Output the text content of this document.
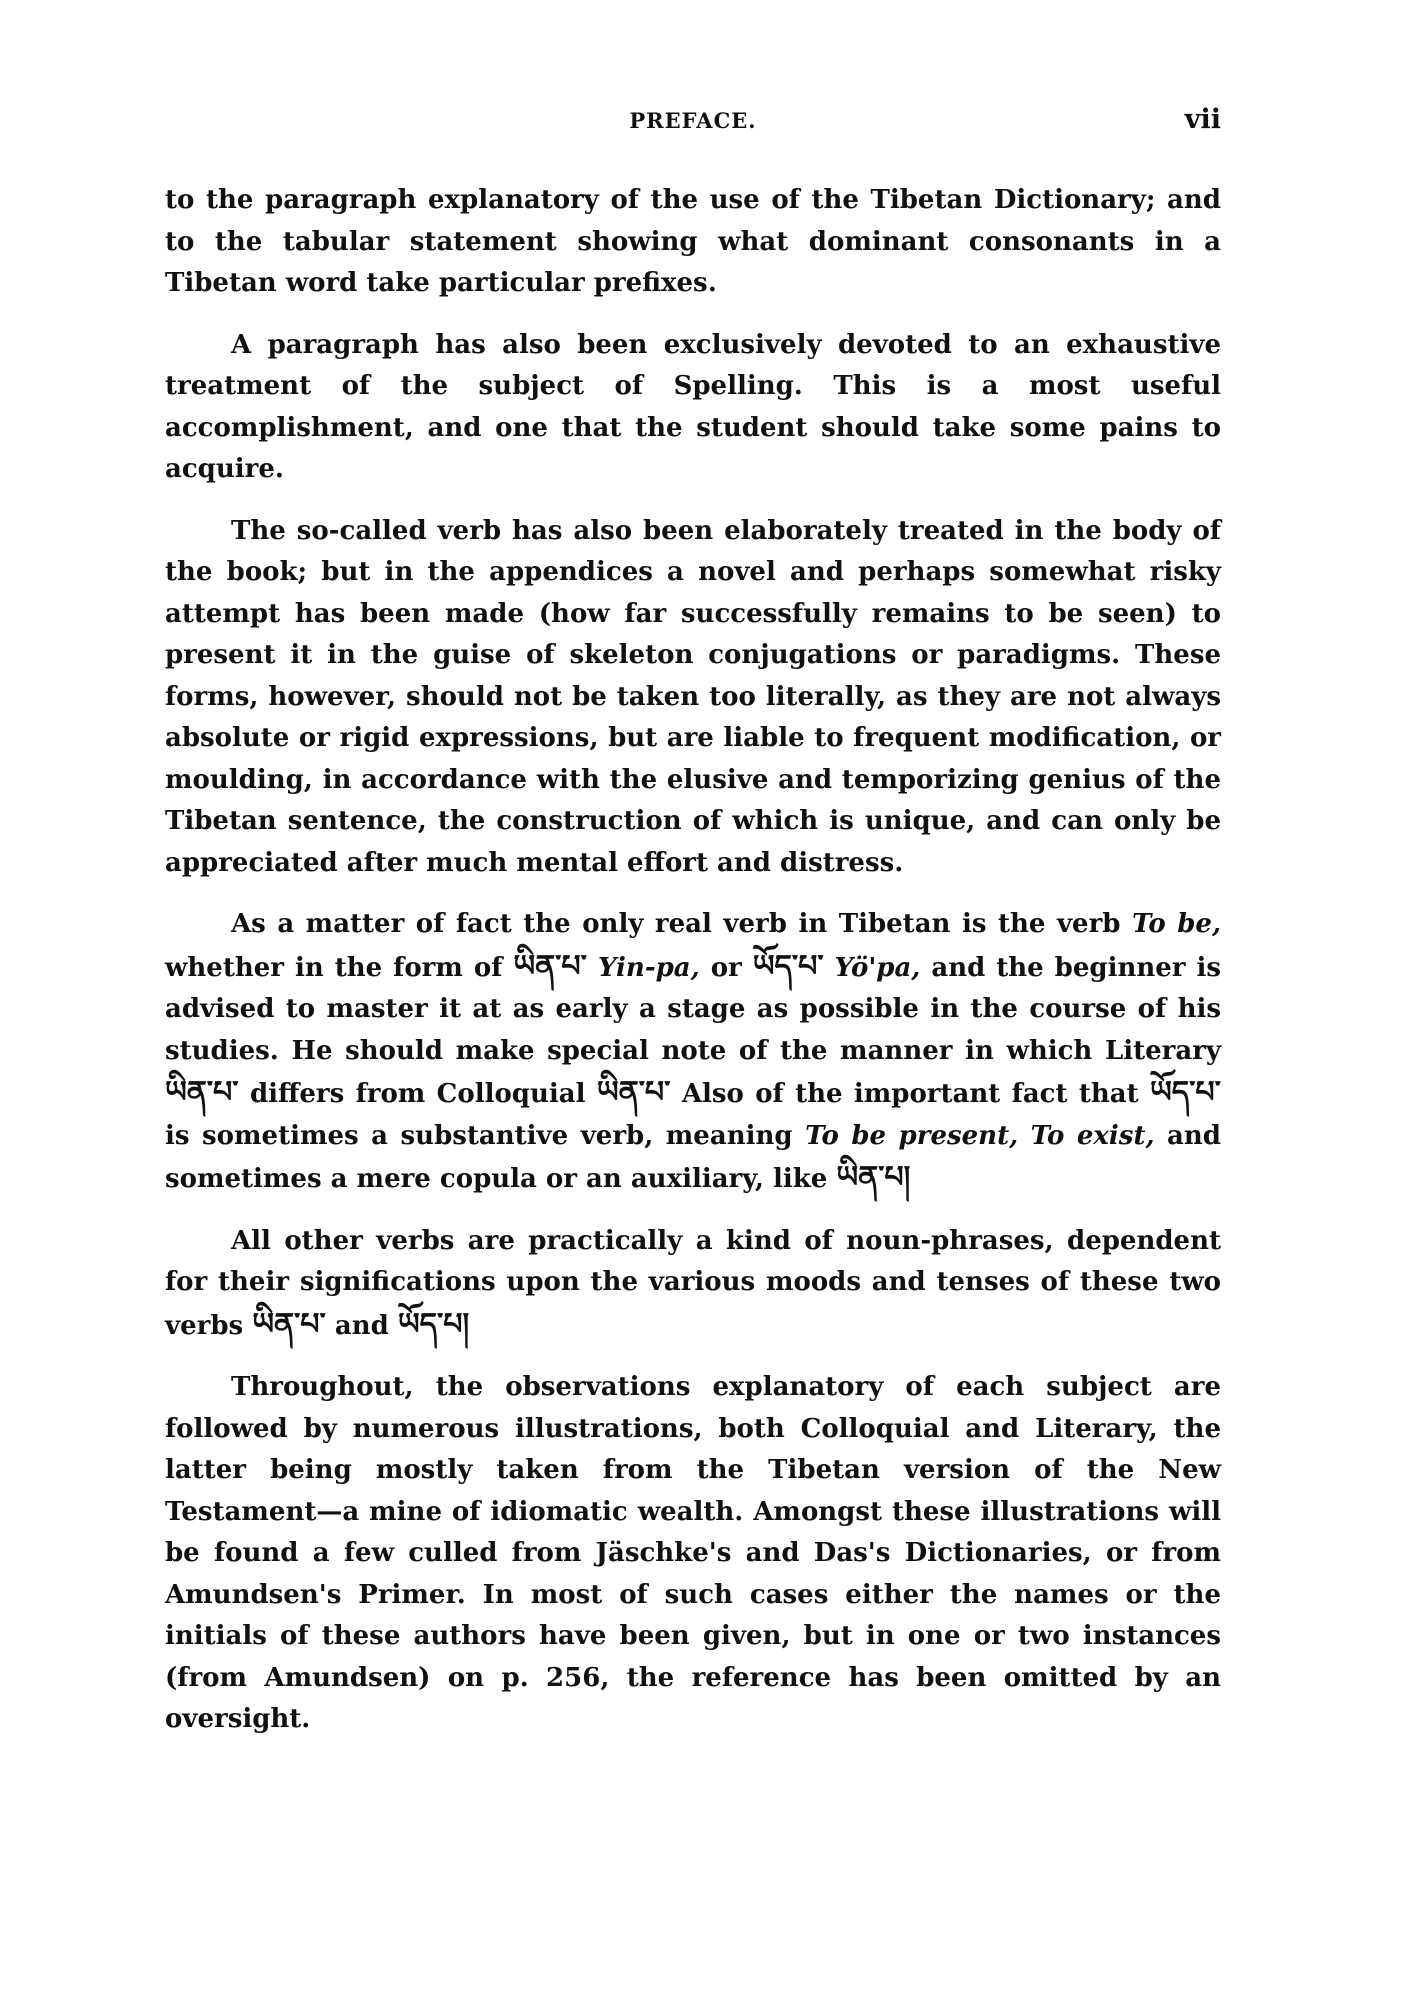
PREFACE.	vii

to the paragraph explanatory of the use of the Tibetan Dictionary; and to the tabular statement showing what dominant consonants in a Tibetan word take particular prefixes.

A paragraph has also been exclusively devoted to an exhaustive treatment of the subject of Spelling. This is a most useful accomplishment, and one that the student should take some pains to acquire.

The so-called verb has also been elaborately treated in the body of the book; but in the appendices a novel and perhaps somewhat risky attempt has been made (how far successfully remains to be seen) to present it in the guise of skeleton conjugations or paradigms. These forms, however, should not be taken too literally, as they are not always absolute or rigid expressions, but are liable to frequent modification, or moulding, in accordance with the elusive and temporizing genius of the Tibetan sentence, the construction of which is unique, and can only be appreciated after much mental effort and distress.

As a matter of fact the only real verb in Tibetan is the verb To be, whether in the form of ཡིན་པ་ Yin-pa, or ཡོད་པ་ Yö'pa, and the beginner is advised to master it at as early a stage as possible in the course of his studies. He should make special note of the manner in which Literary ཡིན་པ་ differs from Colloquial ཡིན་པ་ Also of the important fact that ཡོད་པ་ is sometimes a substantive verb, meaning To be present, To exist, and sometimes a mere copula or an auxiliary, like ཡིན་པ།

All other verbs are practically a kind of noun-phrases, dependent for their significations upon the various moods and tenses of these two verbs ཡིན་པ་ and ཡོད་པ།

Throughout, the observations explanatory of each subject are followed by numerous illustrations, both Colloquial and Literary, the latter being mostly taken from the Tibetan version of the New Testament—a mine of idiomatic wealth. Amongst these illustrations will be found a few culled from Jäschke's and Das's Dictionaries, or from Amundsen's Primer. In most of such cases either the names or the initials of these authors have been given, but in one or two instances (from Amundsen) on p. 256, the reference has been omitted by an oversight.
